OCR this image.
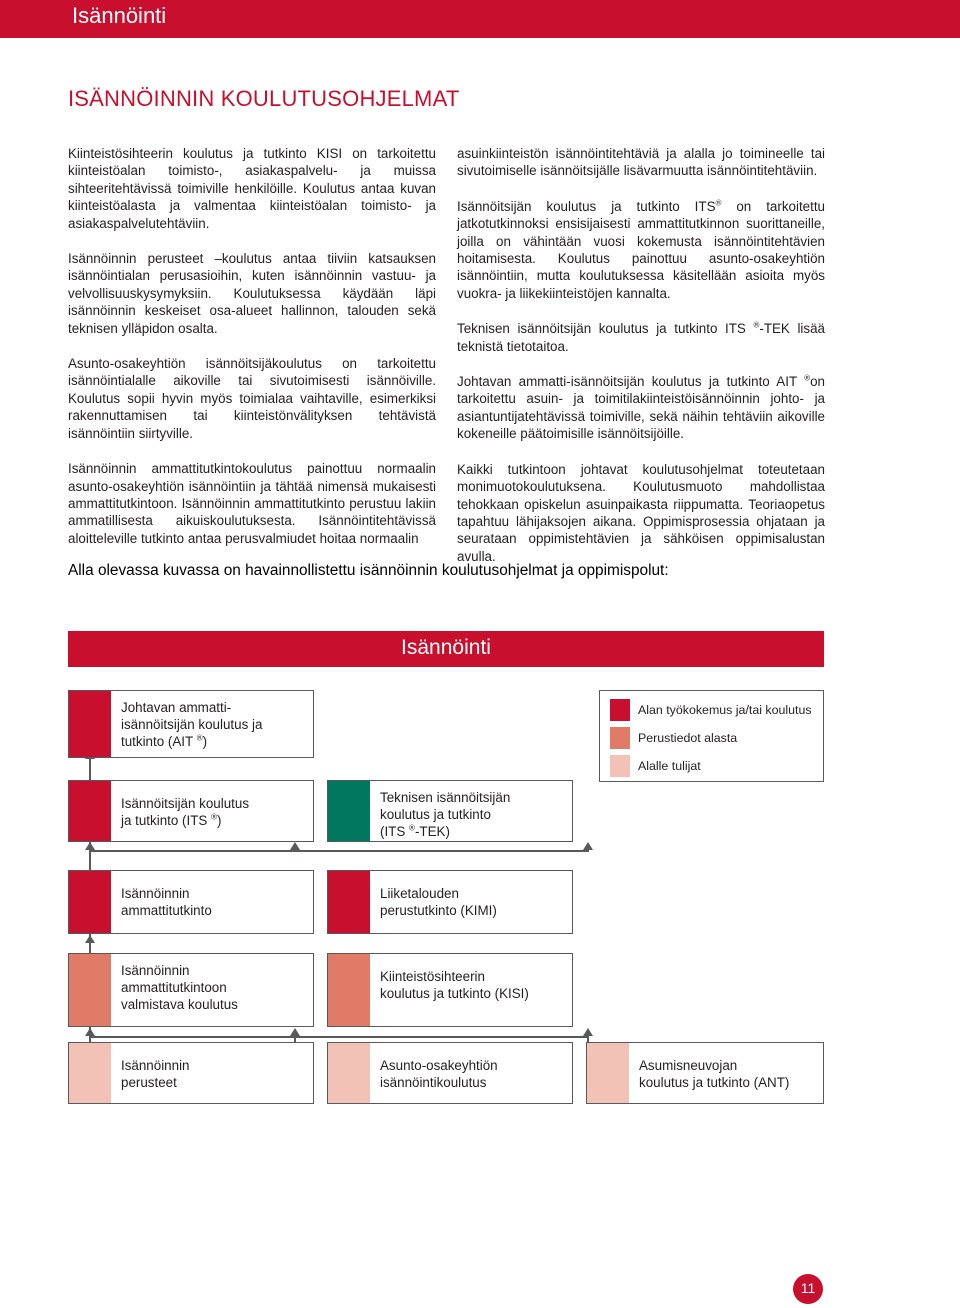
Isännöinti
ISÄNNÖINNIN KOULUTUSOHJELMAT

Kiinteistösihteerin koulutus ja tutkinto KISI on tarkoitettu kiinteistöalan toimisto-, asiakaspalvelu- ja muissa sihteeritehtävissä toimiville henkilöille. Koulutus antaa kuvan kiinteistöalasta ja valmentaa kiinteistöalan toimisto- ja asiakaspalvelutehtäviin.

Isännöinnin perusteet –koulutus antaa tiiviin katsauksen isännöintialan perusasioihin, kuten isännöinnin vastuu- ja velvollisuuskysymyksiin. Koulutuksessa käydään läpi isännöinnin keskeiset osa-alueet hallinnon, talouden sekä teknisen ylläpidon osalta.

Asunto-osakeyhtiön isännöitsijäkoulutus on tarkoitettu isännöintialalle aikoville tai sivutoimisesti isännöiville. Koulutus sopii hyvin myös toimialaa vaihtaville, esimerkiksi rakennuttamisen tai kiinteistönvälityksen tehtävistä isännöintiin siirtyville.

Isännöinnin ammattitutkintokoulutus painottuu normaalin asunto-osakeyhtiön isännöintiin ja tähtää nimensä mukaisesti ammattitutkintoon. Isännöinnin ammattitutkinto perustuu lakiin ammatillisesta aikuiskoulutuksesta. Isännöintitehtävissä aloitteleville tutkinto antaa perusvalmiudet hoitaa normaalin

asuinkiinteistön isännöintitehtäviä ja alalla jo toimineelle tai sivutoimiselle isännöitsijälle lisävarmuutta isännöintitehtäviin.

Isännöitsijän koulutus ja tutkinto ITS® on tarkoitettu jatkotutkinnoksi ensisijaisesti ammattitutkinnon suorittaneille, joilla on vähintään vuosi kokemusta isännöintitehtävien hoitamisesta. Koulutus painottuu asunto-osakeyhtiön isännöintiin, mutta koulutuksessa käsitellään asioita myös vuokra- ja liikekiinteistöjen kannalta.

Teknisen isännöitsijän koulutus ja tutkinto ITS ®-TEK lisää teknistä tietotaitoa.

Johtavan ammatti-isännöitsijän koulutus ja tutkinto AIT ®on tarkoitettu asuin- ja toimitilakiinteistöisännöinnin johto- ja asiantuntijatehtävissä toimiville, sekä näihin tehtäviin aikoville kokeneille päätoimisille isännöitsijöille.

Kaikki tutkintoon johtavat koulutusohjelmat toteutetaan monimuotokoulutuksena. Koulutusmuoto mahdollistaa tehokkaan opiskelun asuinpaikasta riippumatta. Teoriaopetus tapahtuu lähijaksojen aikana. Oppimisprosessia ohjataan ja seurataan oppimistehtävien ja sähköisen oppimisalustan avulla.

Alla olevassa kuvassa on havainnollistettu isännöinnin koulutusohjelmat ja oppimispolut:
Isännöinti
Johtavan ammatti-
isännöitsijän koulutus ja
tutkinto (AIT ®)
Isännöitsijän koulutus
ja tutkinto (ITS ®)
Teknisen isännöitsijän
koulutus ja tutkinto
(ITS ®-TEK)
Isännöinnin
ammattitutkinto
Liiketalouden
perustutkinto (KIMI)
Isännöinnin
ammattitutkintoon
valmistava koulutus
Kiinteistösihteerin
koulutus ja tutkinto (KISI)
Isännöinnin
perusteet
Asunto-osakeyhtiön
isännöintikoulutus
Asumisneuvojan
koulutus ja tutkinto (ANT)
Alan työkokemus ja/tai koulutus
Perustiedot alasta
Alalle tulijat
11
